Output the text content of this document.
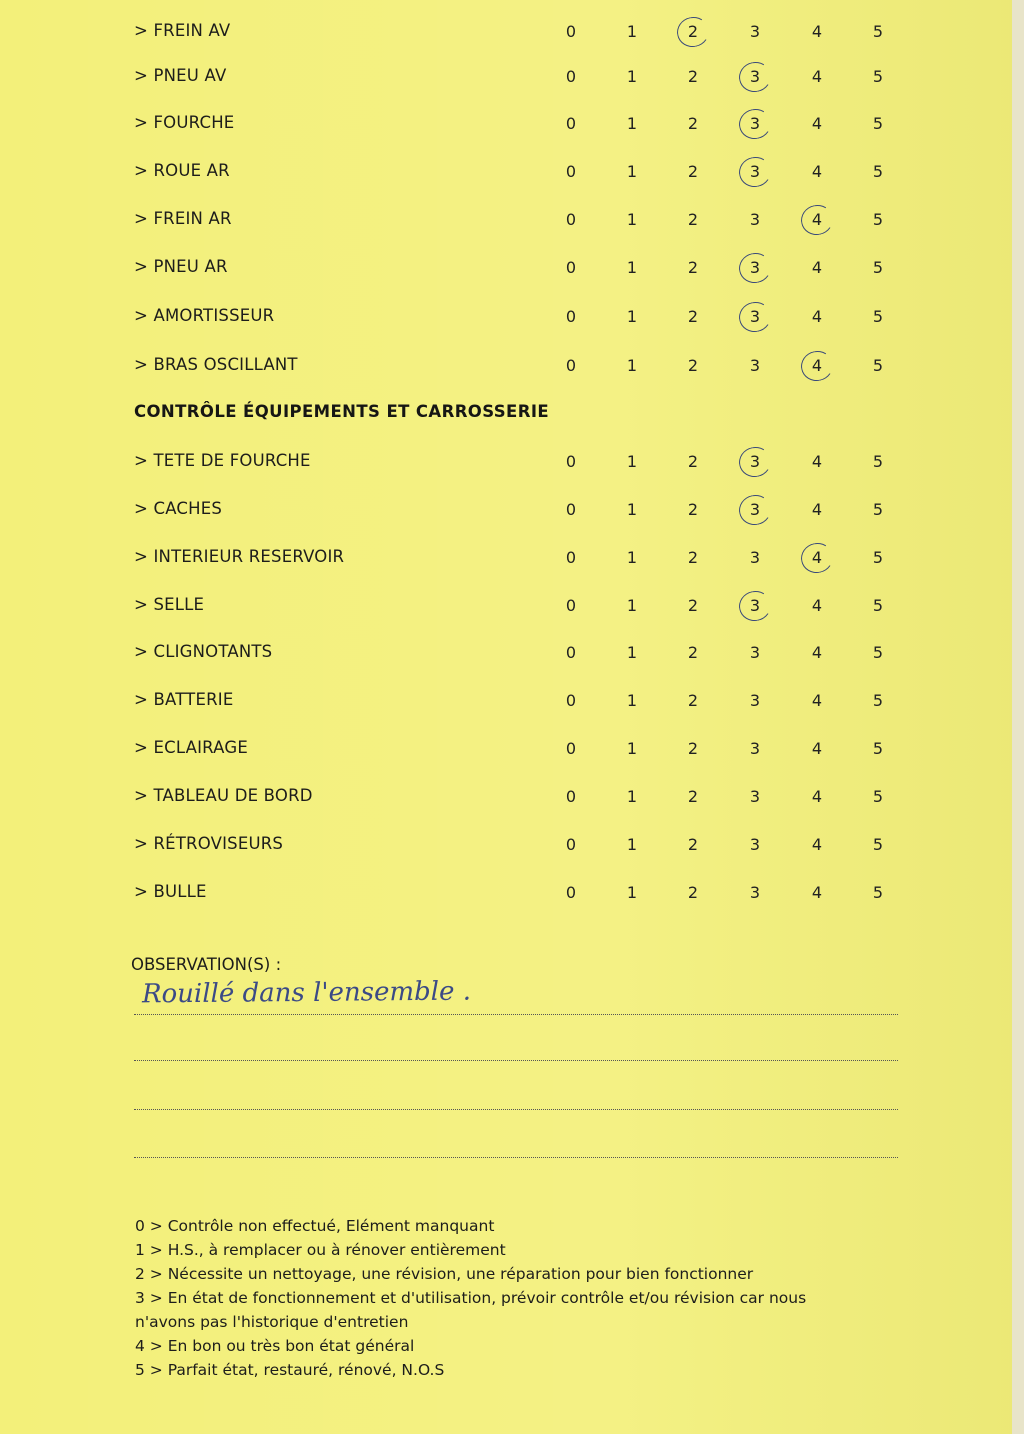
> FREIN AV	0	1	2	3	4	5
> PNEU AV	0	1	2	3	4	5
> FOURCHE	0	1	2	3	4	5
> ROUE AR	0	1	2	3	4	5
> FREIN AR	0	1	2	3	4	5
> PNEU AR	0	1	2	3	4	5
> AMORTISSEUR	0	1	2	3	4	5
> BRAS OSCILLANT	0	1	2	3	4	5
CONTRÔLE ÉQUIPEMENTS ET CARROSSERIE
> TETE DE FOURCHE	0	1	2	3	4	5
> CACHES	0	1	2	3	4	5
> INTERIEUR RESERVOIR	0	1	2	3	4	5
> SELLE	0	1	2	3	4	5
> CLIGNOTANTS	0	1	2	3	4	5
> BATTERIE	0	1	2	3	4	5
> ECLAIRAGE	0	1	2	3	4	5
> TABLEAU DE BORD	0	1	2	3	4	5
> RÉTROVISEURS	0	1	2	3	4	5
> BULLE	0	1	2	3	4	5
OBSERVATION(S) :
Rouillé dans l'ensemble .
0 > Contrôle non effectué, Elément manquant
1 > H.S., à remplacer ou à rénover entièrement
2 > Nécessite un nettoyage, une révision, une réparation pour bien fonctionner
3 > En état de fonctionnement et d'utilisation, prévoir contrôle et/ou révision car nous
n'avons pas l'historique d'entretien
4 > En bon ou très bon état général
5 > Parfait état, restauré, rénové, N.O.S
